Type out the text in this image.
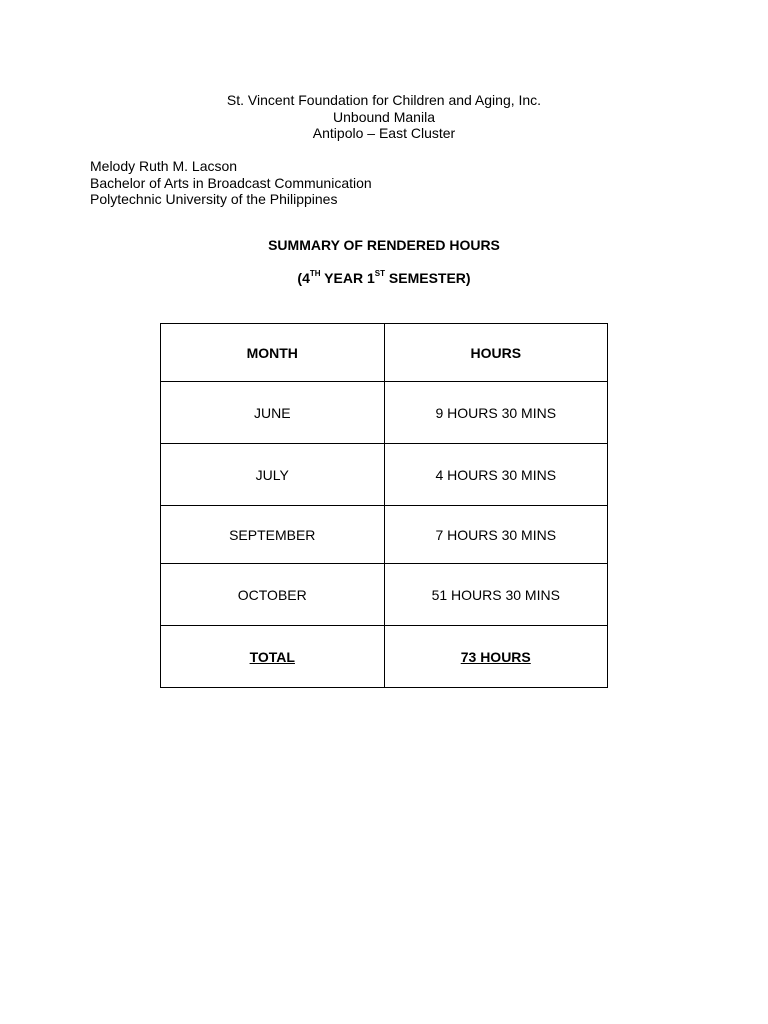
St. Vincent Foundation for Children and Aging, Inc.
Unbound Manila
Antipolo – East Cluster
Melody Ruth M. Lacson
Bachelor of Arts in Broadcast Communication
Polytechnic University of the Philippines
SUMMARY OF RENDERED HOURS
(4TH YEAR 1ST SEMESTER)
MONTH	HOURS
JUNE	9 HOURS 30 MINS
JULY	4 HOURS 30 MINS
SEPTEMBER	7 HOURS 30 MINS
OCTOBER	51 HOURS 30 MINS
TOTAL	73 HOURS
